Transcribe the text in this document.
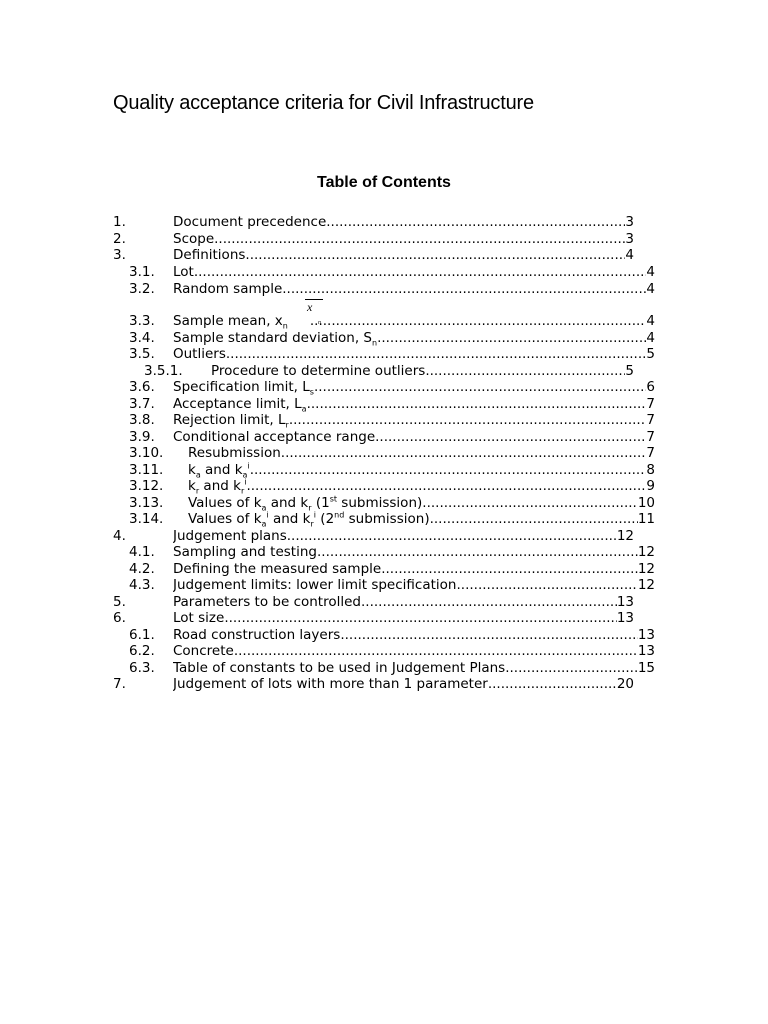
Quality acceptance criteria for Civil Infrastructure
Table of Contents
1.	Document precedence .....	3
2.	Scope .....	3
3.	Definitions .....	4
3.1. Lot .....	4
3.2. Random sample .....	4
3.3. Sample mean, $x_n$ .....	4
3.4. Sample standard deviation, $S_n$ .....	4
3.5. Outliers .....	5
3.5.1. Procedure to determine outliers .....	5
3.6. Specification limit, $L_s$ .....	6
3.7. Acceptance limit, $L_a$ .....	7
3.8. Rejection limit, $L_r$ .....	7
3.9. Conditional acceptance range .....	7
3.10. Resubmission .....	7
3.11. $k_a$ and $k_a^i$ .....	8
3.12. $k_r$ and $k_r^i$ .....	9
3.13. Values of $k_a$ and $k_r$ (1st submission) .....	10
3.14. Values of $k_a^i$ and $k_r^i$ (2nd submission) .....	11
4.	Judgement plans .....	12
4.1. Sampling and testing .....	12
4.2. Defining the measured sample .....	12
4.3. Judgement limits: lower limit specification .....	12
5.	Parameters to be controlled .....	13
6.	Lot size .....	13
6.1. Road construction layers .....	13
6.2. Concrete .....	13
6.3. Table of constants to be used in Judgement Plans .....	15
7.	Judgement of lots with more than 1 parameter .....	20
x
n
